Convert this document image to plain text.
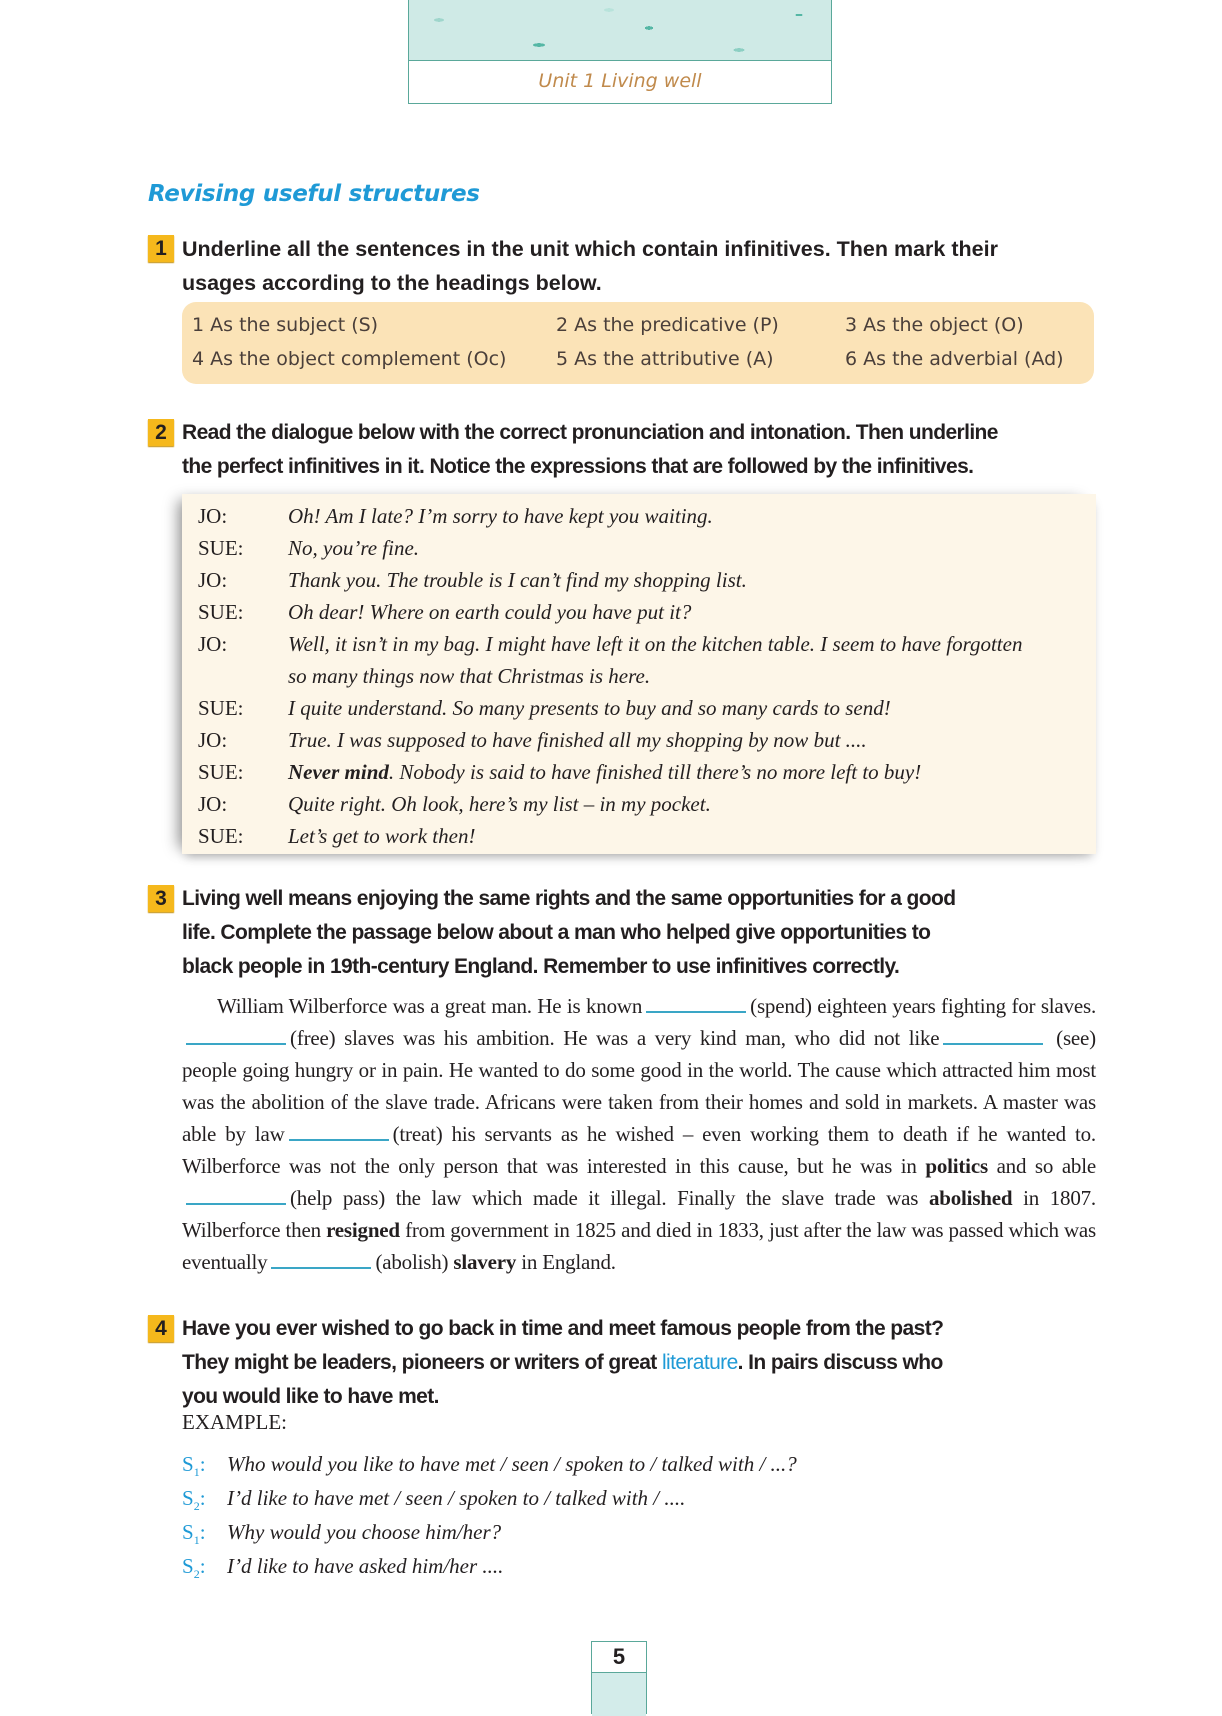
Unit 1 Living well
Revising useful structures
1 Underline all the sentences in the unit which contain infinitives. Then mark their
usages according to the headings below.
1 As the subject (S)	2 As the predicative (P)	3 As the object (O)
4 As the object complement (Oc)	5 As the attributive (A)	6 As the adverbial (Ad)
2 Read the dialogue below with the correct pronunciation and intonation. Then underline
the perfect infinitives in it. Notice the expressions that are followed by the infinitives.
JO:	Oh! Am I late? I’m sorry to have kept you waiting.
SUE:	No, you’re fine.
JO:	Thank you. The trouble is I can’t find my shopping list.
SUE:	Oh dear! Where on earth could you have put it?
JO:	Well, it isn’t in my bag. I might have left it on the kitchen table. I seem to have forgotten
so many things now that Christmas is here.
SUE:	I quite understand. So many presents to buy and so many cards to send!
JO:	True. I was supposed to have finished all my shopping by now but ....
SUE:	Never mind. Nobody is said to have finished till there’s no more left to buy!
JO:	Quite right. Oh look, here’s my list – in my pocket.
SUE:	Let’s get to work then!
3 Living well means enjoying the same rights and the same opportunities for a good
life. Complete the passage below about a man who helped give opportunities to
black people in 19th-century England. Remember to use infinitives correctly.
William Wilberforce was a great man. He is known	(spend) eighteen years fighting for slaves. (free) slaves was his ambition. He was a very kind man, who did not like	(see) people going hungry or in pain. He wanted to do some good in the world. The cause which attracted him most was the abolition of the slave trade. Africans were taken from their homes and sold in markets. A master was able by law	(treat) his servants as he wished – even working them to death if he wanted to. Wilberforce was not the only person that was interested in this cause, but he was in politics and so able(help pass) the law which made it illegal. Finally the slave trade was abolished in 1807. Wilberforce then resigned from government in 1825 and died in 1833, just after the law was passed which was eventually	(abolish) slavery in England.
4 Have you ever wished to go back in time and meet famous people from the past?
They might be leaders, pioneers or writers of great literature. In pairs discuss who
you would like to have met.
EXAMPLE:
$S_1$: Who would you like to have met / seen / spoken to / talked with / ...?
$S_2$: I’d like to have met / seen / spoken to / talked with / ....
$S_1$: Why would you choose him/her?
$S_2$: I’d like to have asked him/her ....
5
